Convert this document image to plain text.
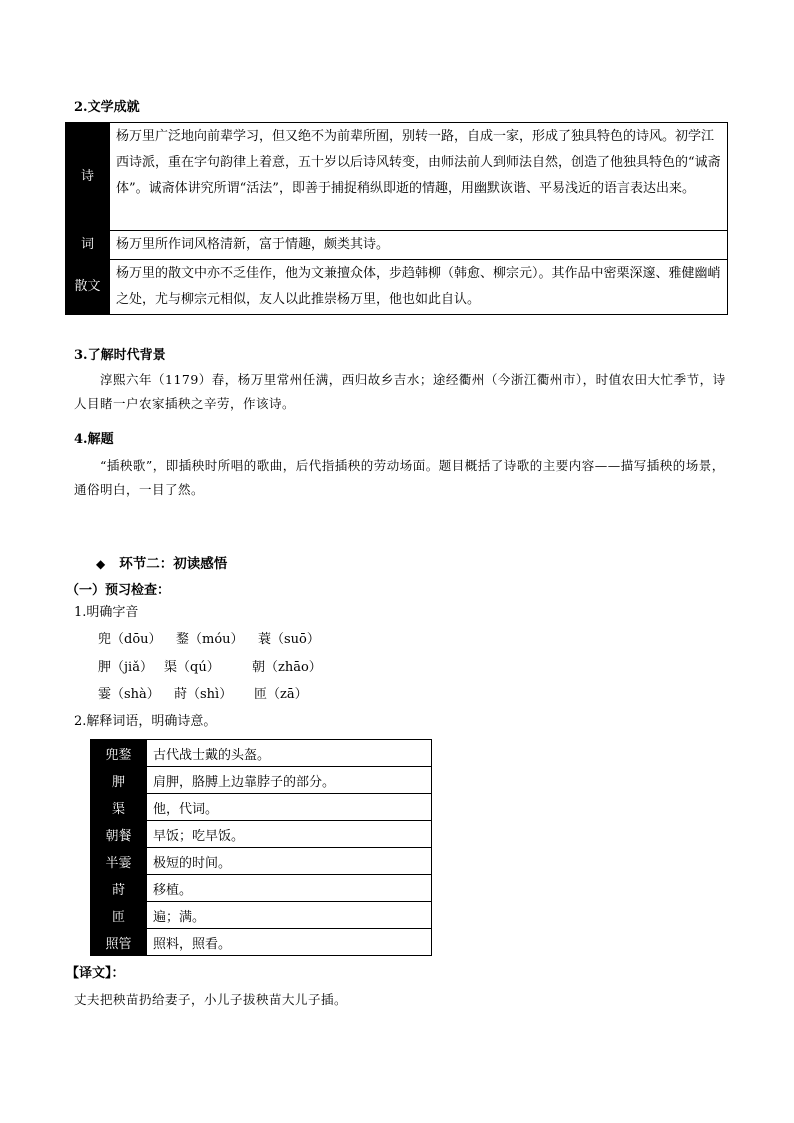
2.文学成就
诗	杨万里广泛地向前辈学习，但又绝不为前辈所囿，别转一路，自成一家，形成了独具特色的诗风。初学江西诗派，重在字句韵律上着意，五十岁以后诗风转变，由师法前人到师法自然，创造了他独具特色的“诚斋体”。诚斋体讲究所谓“活法”，即善于捕捉稍纵即逝的情趣，用幽默诙谐、平易浅近的语言表达出来。
词	杨万里所作词风格清新，富于情趣，颇类其诗。
散文	杨万里的散文中亦不乏佳作，他为文兼擅众体，步趋韩柳（韩愈、柳宗元）。其作品中密栗深邃、雅健幽峭之处，尤与柳宗元相似，友人以此推崇杨万里，他也如此自认。
3.了解时代背景
淳熙六年（1179）春，杨万里常州任满，西归故乡吉水；途经衢州（今浙江衢州市），时值农田大忙季节，诗人目睹一户农家插秧之辛劳，作该诗。
4.解题
“插秧歌”，即插秧时所唱的歌曲，后代指插秧的劳动场面。题目概括了诗歌的主要内容——描写插秧的场景，通俗明白，一目了然。
◆ 环节二：初读感悟
（一）预习检查：
1.明确字音
兜（dōu） 鍪（móu） 蓑（suō）
胛（jiǎ） 渠（qú） 朝（zhāo）
霎（shà） 莳（shì） 匝（zā）
2.解释词语，明确诗意。
兜鍪	古代战士戴的头盔。
胛	肩胛，胳膊上边靠脖子的部分。
渠	他，代词。
朝餐	早饭；吃早饭。
半霎	极短的时间。
莳	移植。
匝	遍；满。
照管	照料，照看。
【译文】：
丈夫把秧苗扔给妻子，小儿子拔秧苗大儿子插。
